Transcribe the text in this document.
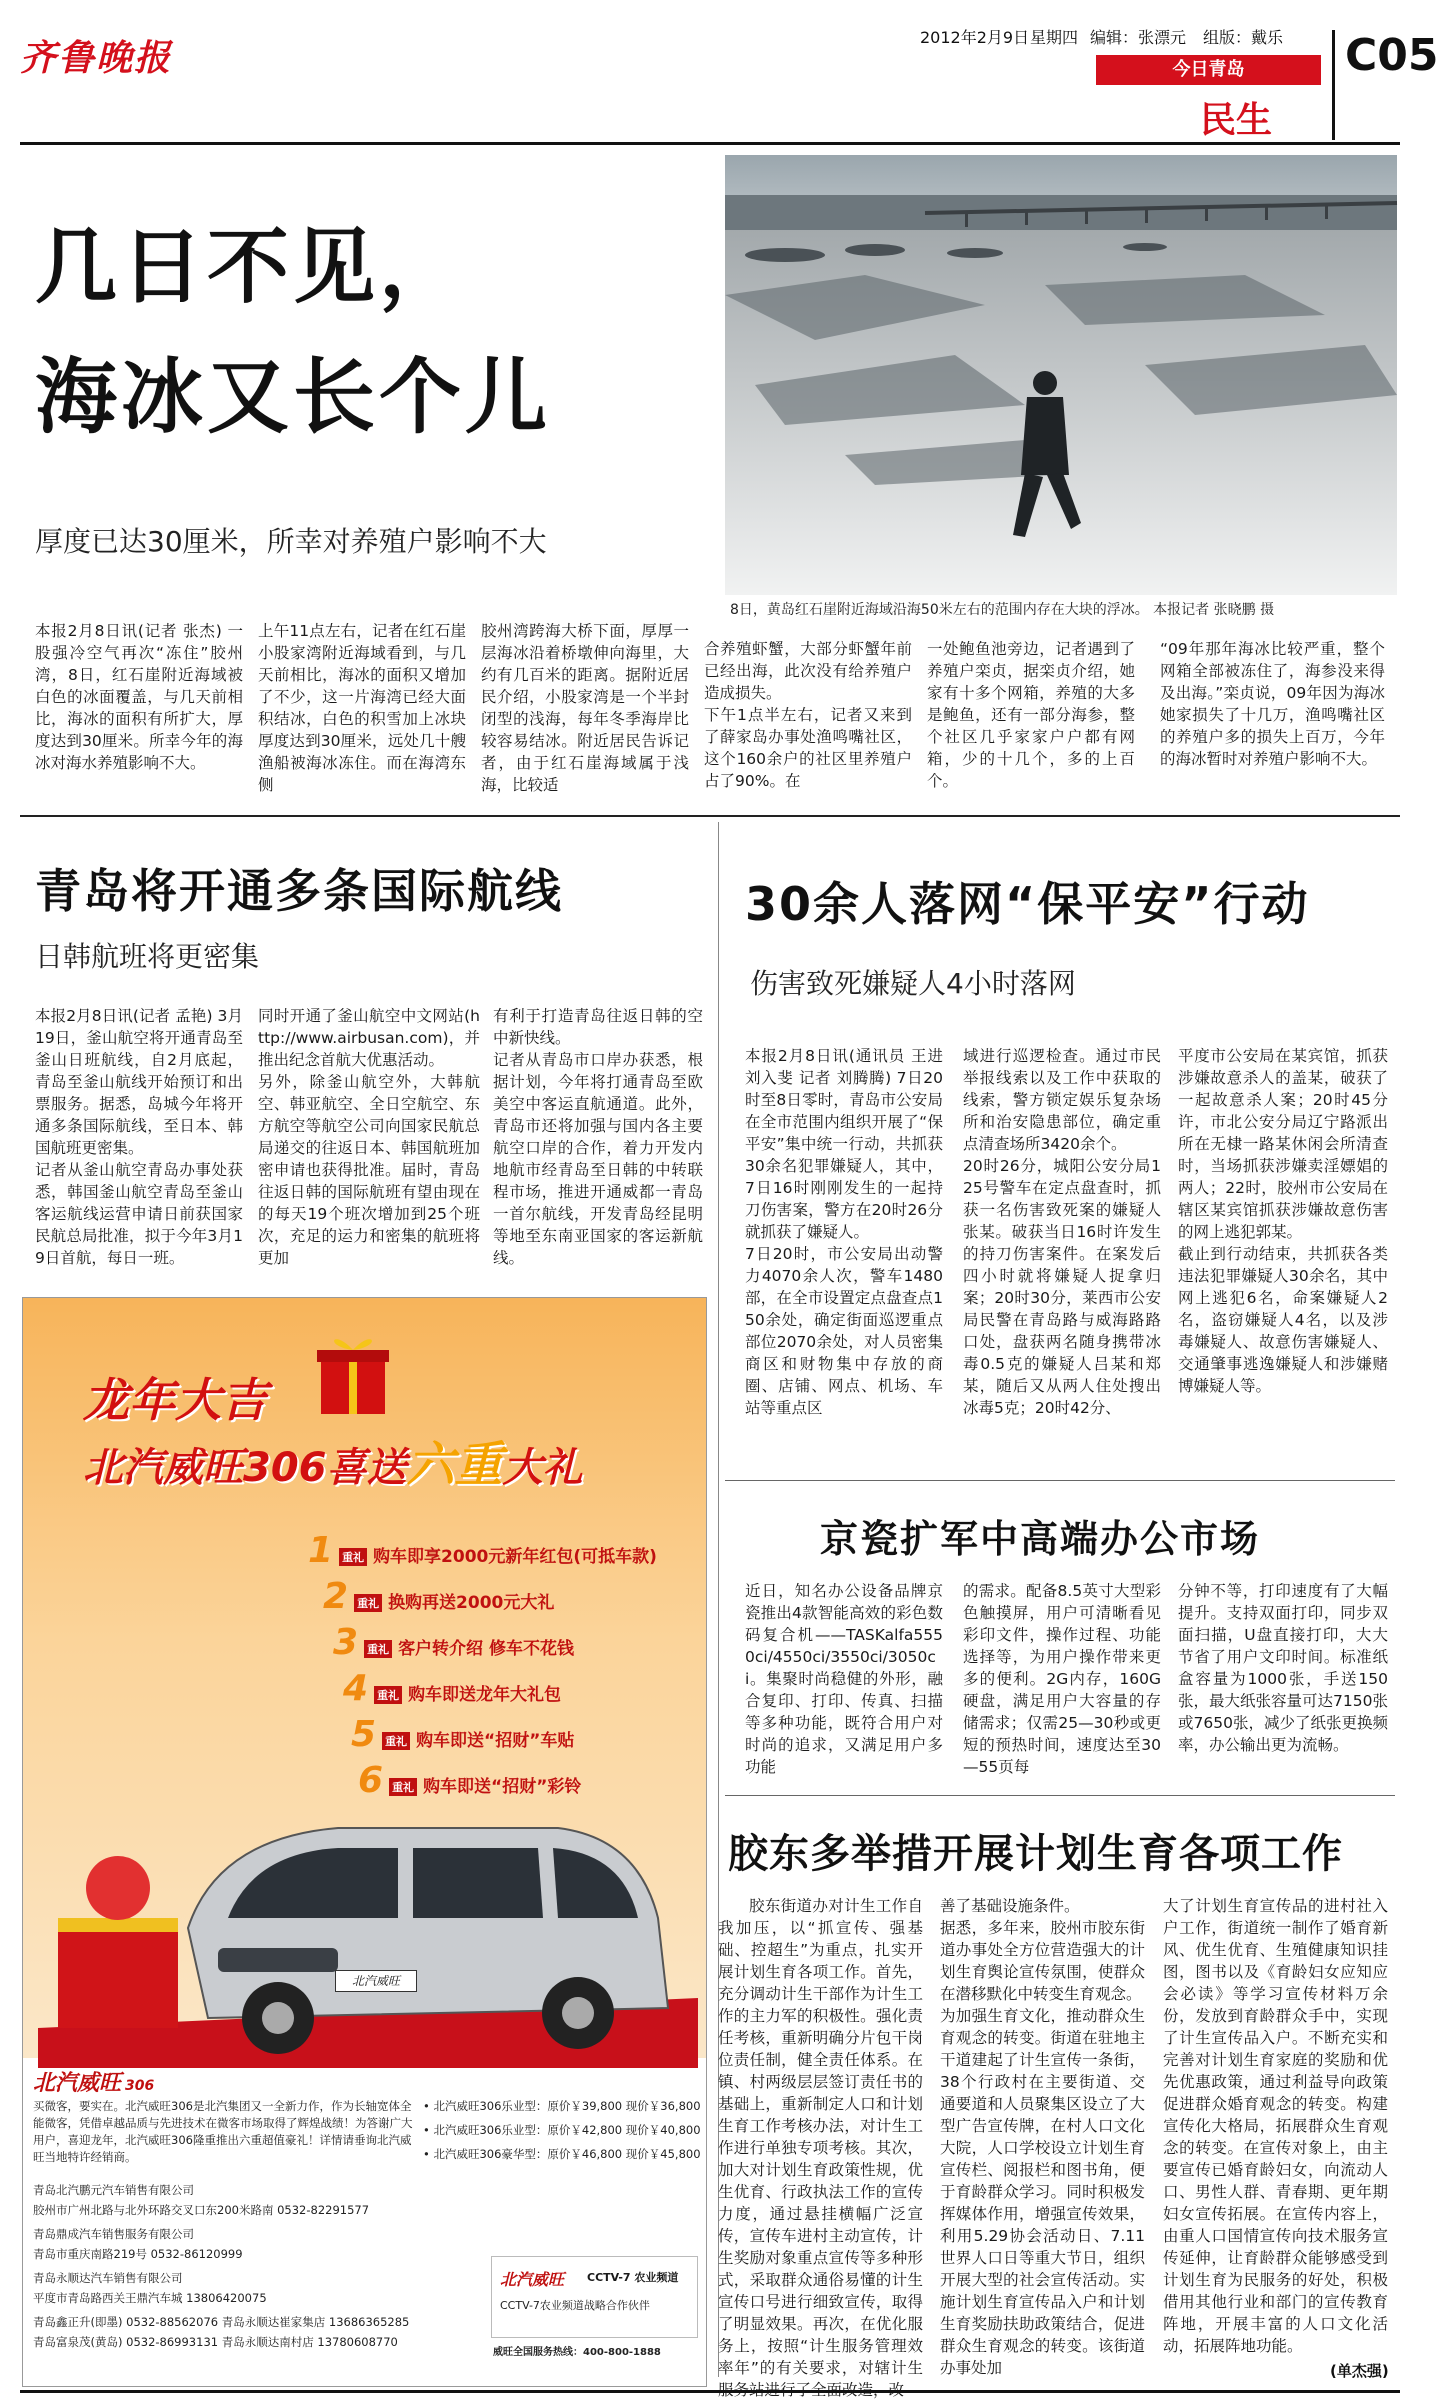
齐鲁晚报	2012年2月9日 星期四 编辑：张漂元 组版：戴乐
今日青岛
民生
C05
几日不见，
海冰又长个儿
厚度已达30厘米，所幸对养殖户影响不大
8日，黄岛红石崖附近海域沿海50米左右的范围内存在大块的浮冰。 本报记者 张晓鹏 摄
本报2月8日讯(记者 张杰) 一股强冷空气再次“冻住”胶州湾，8日，红石崖附近海域被白色的冰面覆盖，与几天前相比，海冰的面积有所扩大，厚度达到30厘米。所幸今年的海冰对海水养殖影响不大。
上午11点左右，记者在红石崖小股家湾附近海域看到，与几天前相比，海冰的面积又增加了不少，这一片海湾已经大面积结冰，白色的积雪加上冰块厚度达到30厘米，远处几十艘渔船被海冰冻住。而在海湾东侧
胶州湾跨海大桥下面，厚厚一层海冰沿着桥墩伸向海里，大约有几百米的距离。据附近居民介绍，小股家湾是一个半封闭型的浅海，每年冬季海岸比较容易结冰。附近居民告诉记者，由于红石崖海域属于浅海，比较适
合养殖虾蟹，大部分虾蟹年前已经出海，此次没有给养殖户造成损失。
下午1点半左右，记者又来到了薛家岛办事处渔鸣嘴社区，这个160余户的社区里养殖户占了90%。在
一处鲍鱼池旁边，记者遇到了养殖户栾贞，据栾贞介绍，她家有十多个网箱，养殖的大多是鲍鱼，还有一部分海参，整个社区几乎家家户户都有网箱，少的十几个，多的上百个。
“09年那年海冰比较严重，整个网箱全部被冻住了，海参没来得及出海。”栾贞说，09年因为海冰她家损失了十几万，渔鸣嘴社区的养殖户多的损失上百万，今年的海冰暂时对养殖户影响不大。
青岛将开通多条国际航线
日韩航班将更密集
本报2月8日讯(记者 孟艳) 3月19日，釜山航空将开通青岛至釜山日班航线，自2月底起，青岛至釜山航线开始预订和出票服务。据悉，岛城今年将开通多条国际航线，至日本、韩国航班更密集。
记者从釜山航空青岛办事处获悉，韩国釜山航空青岛至釜山客运航线运营申请日前获国家民航总局批准，拟于今年3月19日首航，每日一班。
同时开通了釜山航空中文网站(http://www.airbusan.com)，并推出纪念首航大优惠活动。
另外，除釜山航空外，大韩航空、韩亚航空、全日空航空、东方航空等航空公司向国家民航总局递交的往返日本、韩国航班加密申请也获得批准。届时，青岛往返日韩的国际航班有望由现在的每天19个班次增加到25个班次，充足的运力和密集的航班将更加
有利于打造青岛往返日韩的空中新快线。
记者从青岛市口岸办获悉，根据计划，今年将打通青岛至欧美空中客运直航通道。此外，青岛市还将加强与国内各主要航空口岸的合作，着力开发内地航市经青岛至日韩的中转联程市场，推进开通威都一青岛一首尔航线，开发青岛经昆明等地至东南亚国家的客运新航线。
龙年大吉
北汽威旺306喜送六重大礼
1 重礼 购车即享2000元新年红包(可抵车款)
2 重礼 换购再送2000元大礼
3 重礼 客户转介绍 修车不花钱
4 重礼 购车即送龙年大礼包
5 重礼 购车即送“招财”车贴
6 重礼 购车即送“招财”彩铃
北汽威旺
北汽威旺 306
买微客，要实在。北汽威旺306是北汽集团又一全新力作，作为长轴宽体全能微客，凭借卓越品质与先进技术在微客市场取得了辉煌战绩！为答谢广大用户，喜迎龙年，北汽威旺306隆重推出六重超值豪礼！详情请垂询北汽威旺当地特许经销商。
• 北汽威旺306乐业型：原价￥39,800 现价￥36,800
• 北汽威旺306乐业型：原价￥42,800 现价￥40,800
• 北汽威旺306豪华型：原价￥46,800 现价￥45,800
青岛北汽鹏元汽车销售有限公司
胶州市广州北路与北外环路交叉口东200米路南 0532-82291577
青岛鼎成汽车销售服务有限公司
青岛市重庆南路219号 0532-86120999
青岛永顺达汽车销售有限公司
平度市青岛路西关王鼎汽车城 13806420075
青岛鑫正升(即墨) 0532-88562076 青岛永顺达崔家集店 13686365285
青岛富泉茂(黄岛) 0532-86993131 青岛永顺达南村店 13780608770
北汽威旺 CCTV-7 农业频道
CCTV-7农业频道战略合作伙伴
威旺全国服务热线：400-800-1888
30余人落网“保平安”行动
伤害致死嫌疑人4小时落网
本报2月8日讯(通讯员 王进 刘入斐 记者 刘腾腾) 7日20时至8日零时，青岛市公安局在全市范围内组织开展了“保平安”集中统一行动，共抓获30余名犯罪嫌疑人，其中，7日16时刚刚发生的一起持刀伤害案，警方在20时26分就抓获了嫌疑人。
7日20时，市公安局出动警力4070余人次，警车1480部，在全市设置定点盘查点150余处，确定街面巡逻重点部位2070余处，对人员密集商区和财物集中存放的商圈、店铺、网点、机场、车站等重点区
域进行巡逻检查。通过市民举报线索以及工作中获取的线索，警方锁定娱乐复杂场所和治安隐患部位，确定重点清查场所3420余个。
20时26分，城阳公安分局125号警车在定点盘查时，抓获一名伤害致死案的嫌疑人张某。破获当日16时许发生的持刀伤害案件。在案发后四小时就将嫌疑人捉拿归案；20时30分，莱西市公安局民警在青岛路与威海路路口处，盘获两名随身携带冰毒0.5克的嫌疑人吕某和郑某，随后又从两人住处搜出冰毒5克；20时42分、
平度市公安局在某宾馆，抓获涉嫌故意杀人的盖某，破获了一起故意杀人案；20时45分许，市北公安分局辽宁路派出所在无棣一路某休闲会所清查时，当场抓获涉嫌卖淫嫖娼的两人；22时，胶州市公安局在辖区某宾馆抓获涉嫌故意伤害的网上逃犯郭某。
截止到行动结束，共抓获各类违法犯罪嫌疑人30余名，其中网上逃犯6名，命案嫌疑人2名，盗窃嫌疑人4名，以及涉毒嫌疑人、故意伤害嫌疑人、交通肇事逃逸嫌疑人和涉嫌赌博嫌疑人等。
京瓷扩军中高端办公市场
近日，知名办公设备品牌京瓷推出4款智能高效的彩色数码复合机——TASKalfa5550ci/4550ci/3550ci/3050ci。集聚时尚稳健的外形，融合复印、打印、传真、扫描等多种功能，既符合用户对时尚的追求，又满足用户多功能
的需求。配备8.5英寸大型彩色触摸屏，用户可清晰看见彩印文件，操作过程、功能选择等，为用户操作带来更多的便利。2G内存，160G硬盘，满足用户大容量的存储需求；仅需25—30秒或更短的预热时间，速度达至30—55页每
分钟不等，打印速度有了大幅提升。支持双面打印，同步双面扫描，U盘直接打印，大大节省了用户文印时间。标准纸盒容量为1000张，手送150张，最大纸张容量可达7150张或7650张，减少了纸张更换频率，办公输出更为流畅。
胶东多举措开展计划生育各项工作
胶东街道办对计生工作自我加压，以“抓宣传、强基础、控超生”为重点，扎实开展计划生育各项工作。首先，充分调动计生干部作为计生工作的主力军的积极性。强化责任考核，重新明确分片包干岗位责任制，健全责任体系。在镇、村两级层层签订责任书的基础上，重新制定人口和计划生育工作考核办法，对计生工作进行单独专项考核。其次，加大对计划生育政策性规，优生优育、行政执法工作的宣传力度，通过悬挂横幅广泛宣传，宣传车进村主动宣传，计生奖励对象重点宣传等多种形式，采取群众通俗易懂的计生宣传口号进行细致宣传，取得了明显效果。再次，在优化服务上，按照“计生服务管理效率年”的有关要求，对辖计生服务站进行了全面改造，改
善了基础设施条件。
据悉，多年来，胶州市胶东街道办事处全方位营造强大的计划生育舆论宣传氛围，使群众在潜移默化中转变生育观念。
为加强生育文化，推动群众生育观念的转变。街道在驻地主干道建起了计生宣传一条街，38个行政村在主要街道、交通要道和人员聚集区设立了大型广告宣传牌，在村人口文化大院，人口学校设立计划生育宣传栏、阅报栏和图书角，便于育龄群众学习。同时积极发挥媒体作用，增强宣传效果，利用5.29协会活动日、7.11世界人口日等重大节日，组织开展大型的社会宣传活动。实施计划生育宣传品入户和计划生育奖励扶助政策结合，促进群众生育观念的转变。该街道办事处加
大了计划生育宣传品的进村社入户工作，街道统一制作了婚育新风、优生优育、生殖健康知识挂图，图书以及《育龄妇女应知应会必读》等学习宣传材料万余份，发放到育龄群众手中，实现了计生宣传品入户。不断充实和完善对计划生育家庭的奖励和优先优惠政策，通过利益导向政策促进群众婚育观念的转变。构建宣传化大格局，拓展群众生育观念的转变。在宣传对象上，由主要宣传已婚育龄妇女，向流动人口、男性人群、青春期、更年期妇女宣传拓展。在宣传内容上，由重人口国情宣传向技术服务宣传延伸，让育龄群众能够感受到计划生育为民服务的好处，积极借用其他行业和部门的宣传教育阵地，开展丰富的人口文化活动，拓展阵地功能。
(单杰强)
